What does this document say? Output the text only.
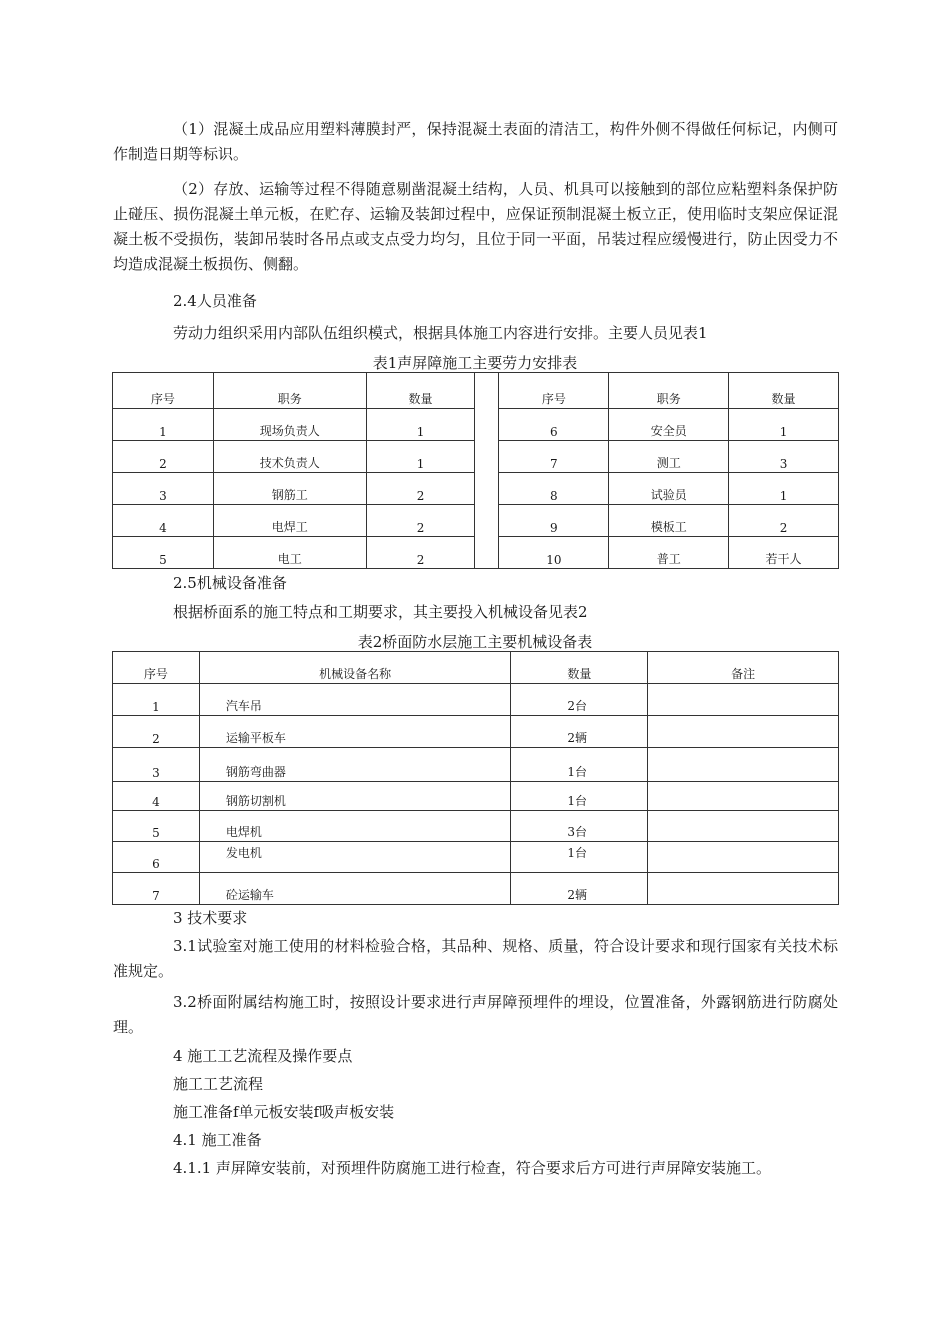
（1）混凝土成品应用塑料薄膜封严，保持混凝土表面的清洁工，构件外侧不得做任何标记，内侧可作制造日期等标识。

（2）存放、运输等过程不得随意剔凿混凝土结构，人员、机具可以接触到的部位应粘塑料条保护防止碰压、损伤混凝土单元板，在贮存、运输及装卸过程中，应保证预制混凝土板立正，使用临时支架应保证混凝土板不受损伤，装卸吊装时各吊点或支点受力均匀，且位于同一平面，吊装过程应缓慢进行，防止因受力不均造成混凝土板损伤、侧翻。

2.4人员准备

劳动力组织采用内部队伍组织模式，根据具体施工内容进行安排。主要人员见表1

表1声屏障施工主要劳力安排表

序号	职务	数量		序号	职务	数量
1	现场负责人	1		6	安全员	1
2	技术负责人	1		7	测工	3
3	钢筋工	2		8	试验员	1
4	电焊工	2		9	模板工	2
5	电工	2		10	普工	若干人

2.5机械设备准备

根据桥面系的施工特点和工期要求，其主要投入机械设备见表2

表2桥面防水层施工主要机械设备表

序号	机械设备名称	数量	备注
1	汽车吊	2台	
2	运输平板车	2辆	
3	钢筋弯曲器	1台	
4	钢筋切割机	1台	
5	电焊机	3台	
6	发电机	1台	
7	砼运输车	2辆	

3 技术要求

3.1试验室对施工使用的材料检验合格，其品种、规格、质量，符合设计要求和现行国家有关技术标准规定。

3.2桥面附属结构施工时，按照设计要求进行声屏障预埋件的埋设，位置准备，外露钢筋进行防腐处理。

4 施工工艺流程及操作要点

施工工艺流程

施工准备f单元板安装f吸声板安装

4.1 施工准备

4.1.1 声屏障安装前，对预埋件防腐施工进行检查，符合要求后方可进行声屏障安装施工。
